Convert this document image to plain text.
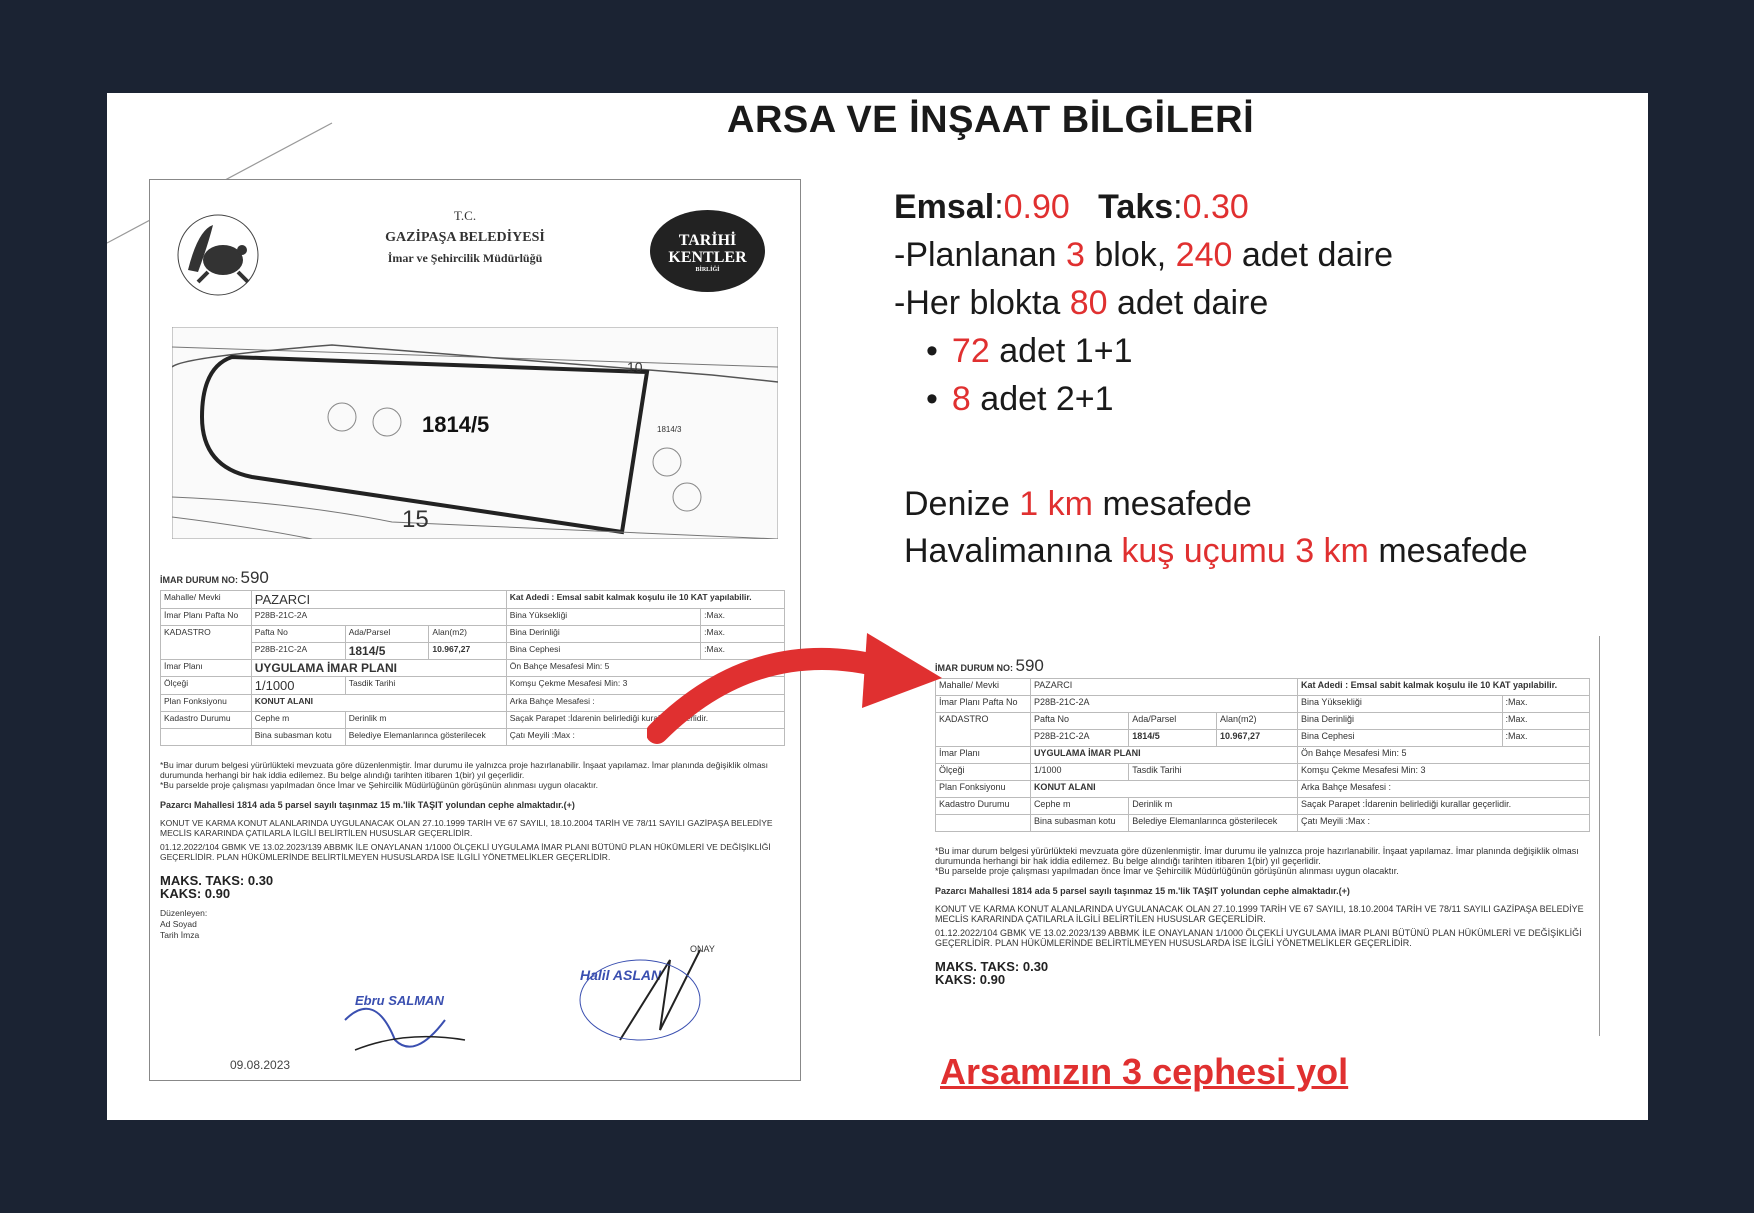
ARSA VE İNŞAAT BİLGİLERİ
T.C.
GAZİPAŞA BELEDİYESİ
İmar ve Şehircilik Müdürlüğü
TARİHİ
KENTLER
BİRLİĞİ
1814/5	1814/3
10
15
İMAR DURUM NO: 590
Mahalle/ Mevki	PAZARCI			Kat Adedi : Emsal sabit kalmak koşulu ile 10 KAT yapılabilir.	
İmar Planı Pafta No	P28B-21C-2A			Bina Yüksekliği	:Max.
KADASTRO	Pafta No	Ada/Parsel	Alan(m2)	Bina Derinliği	:Max.
	P28B-21C-2A	1814/5	10.967,27	Bina Cephesi	:Max.
İmar Planı	UYGULAMA İMAR PLANI			Ön Bahçe Mesafesi Min: 5	
Ölçeği	1/1000	Tasdik Tarihi		Komşu Çekme Mesafesi Min: 3	
Plan Fonksiyonu	KONUT ALANI			Arka Bahçe Mesafesi :	
Kadastro Durumu	Cephe m	Derinlik m		Saçak Parapet :İdarenin belirlediği kurallar geçerlidir.	
	Bina subasman kotu	Belediye Elemanlarınca gösterilecek		Çatı Meyili :Max :	
*Bu imar durum belgesi yürürlükteki mevzuata göre düzenlenmiştir. İmar durumu ile yalnızca proje hazırlanabilir. İnşaat yapılamaz. İmar planında değişiklik olması durumunda herhangi bir hak iddia edilemez. Bu belge alındığı tarihten itibaren 1(bir) yıl geçerlidir.
*Bu parselde proje çalışması yapılmadan önce İmar ve Şehircilik Müdürlüğünün görüşünün alınması uygun olacaktır.
Pazarcı Mahallesi 1814 ada 5 parsel sayılı taşınmaz 15 m.'lik TAŞIT yolundan cephe almaktadır.(+)
KONUT VE KARMA KONUT ALANLARINDA UYGULANACAK OLAN 27.10.1999 TARİH VE 67 SAYILI, 18.10.2004 TARİH VE 78/11 SAYILI GAZİPAŞA BELEDİYE MECLİS KARARINDA ÇATILARLA İLGİLİ BELİRTİLEN HUSUSLAR GEÇERLİDİR.
01.12.2022/104 GBMK VE 13.02.2023/139 ABBMK İLE ONAYLANAN 1/1000 ÖLÇEKLİ UYGULAMA İMAR PLANI BÜTÜNÜ PLAN HÜKÜMLERİ VE DEĞİŞİKLİĞİ GEÇERLİDİR. PLAN HÜKÜMLERİNDE BELİRTİLMEYEN HUSUSLARDA İSE İLGİLİ YÖNETMELİKLER GEÇERLİDİR.
MAKS. TAKS: 0.30
KAKS: 0.90
Düzenleyen:
Ad Soyad
Tarih İmza
Ebru SALMAN
ONAY
Halil ASLAN
09.08.2023
Emsal:0.90 Taks:0.30
-Planlanan 3 blok, 240 adet daire
-Her blokta 80 adet daire
• 72 adet 1+1
• 8 adet 2+1
Denize 1 km mesafede
Havalimanına kuş uçumu 3 km mesafede
İMAR DURUM NO: 590
Mahalle/ Mevki	PAZARCI			Kat Adedi : Emsal sabit kalmak koşulu ile 10 KAT yapılabilir.	
İmar Planı Pafta No	P28B-21C-2A			Bina Yüksekliği	:Max.
KADASTRO	Pafta No	Ada/Parsel	Alan(m2)	Bina Derinliği	:Max.
	P28B-21C-2A	1814/5	10.967,27	Bina Cephesi	:Max.
İmar Planı	UYGULAMA İMAR PLANI			Ön Bahçe Mesafesi Min: 5	
Ölçeği	1/1000	Tasdik Tarihi		Komşu Çekme Mesafesi Min: 3	
Plan Fonksiyonu	KONUT ALANI			Arka Bahçe Mesafesi :	
Kadastro Durumu	Cephe m	Derinlik m		Saçak Parapet :İdarenin belirlediği kurallar geçerlidir.	
	Bina subasman kotu	Belediye Elemanlarınca gösterilecek		Çatı Meyili :Max :	
*Bu imar durum belgesi yürürlükteki mevzuata göre düzenlenmiştir. İmar durumu ile yalnızca proje hazırlanabilir. İnşaat yapılamaz. İmar planında değişiklik olması durumunda herhangi bir hak iddia edilemez. Bu belge alındığı tarihten itibaren 1(bir) yıl geçerlidir.
*Bu parselde proje çalışması yapılmadan önce İmar ve Şehircilik Müdürlüğünün görüşünün alınması uygun olacaktır.
Pazarcı Mahallesi 1814 ada 5 parsel sayılı taşınmaz 15 m.'lik TAŞIT yolundan cephe almaktadır.(+)
KONUT VE KARMA KONUT ALANLARINDA UYGULANACAK OLAN 27.10.1999 TARİH VE 67 SAYILI, 18.10.2004 TARİH VE 78/11 SAYILI GAZİPAŞA BELEDİYE MECLİS KARARINDA ÇATILARLA İLGİLİ BELİRTİLEN HUSUSLAR GEÇERLİDİR.
01.12.2022/104 GBMK VE 13.02.2023/139 ABBMK İLE ONAYLANAN 1/1000 ÖLÇEKLİ UYGULAMA İMAR PLANI BÜTÜNÜ PLAN HÜKÜMLERİ VE DEĞİŞİKLİĞİ GEÇERLİDİR. PLAN HÜKÜMLERİNDE BELİRTİLMEYEN HUSUSLARDA İSE İLGİLİ YÖNETMELİKLER GEÇERLİDİR.
MAKS. TAKS: 0.30
KAKS: 0.90
Arsamızın 3 cephesi yol
